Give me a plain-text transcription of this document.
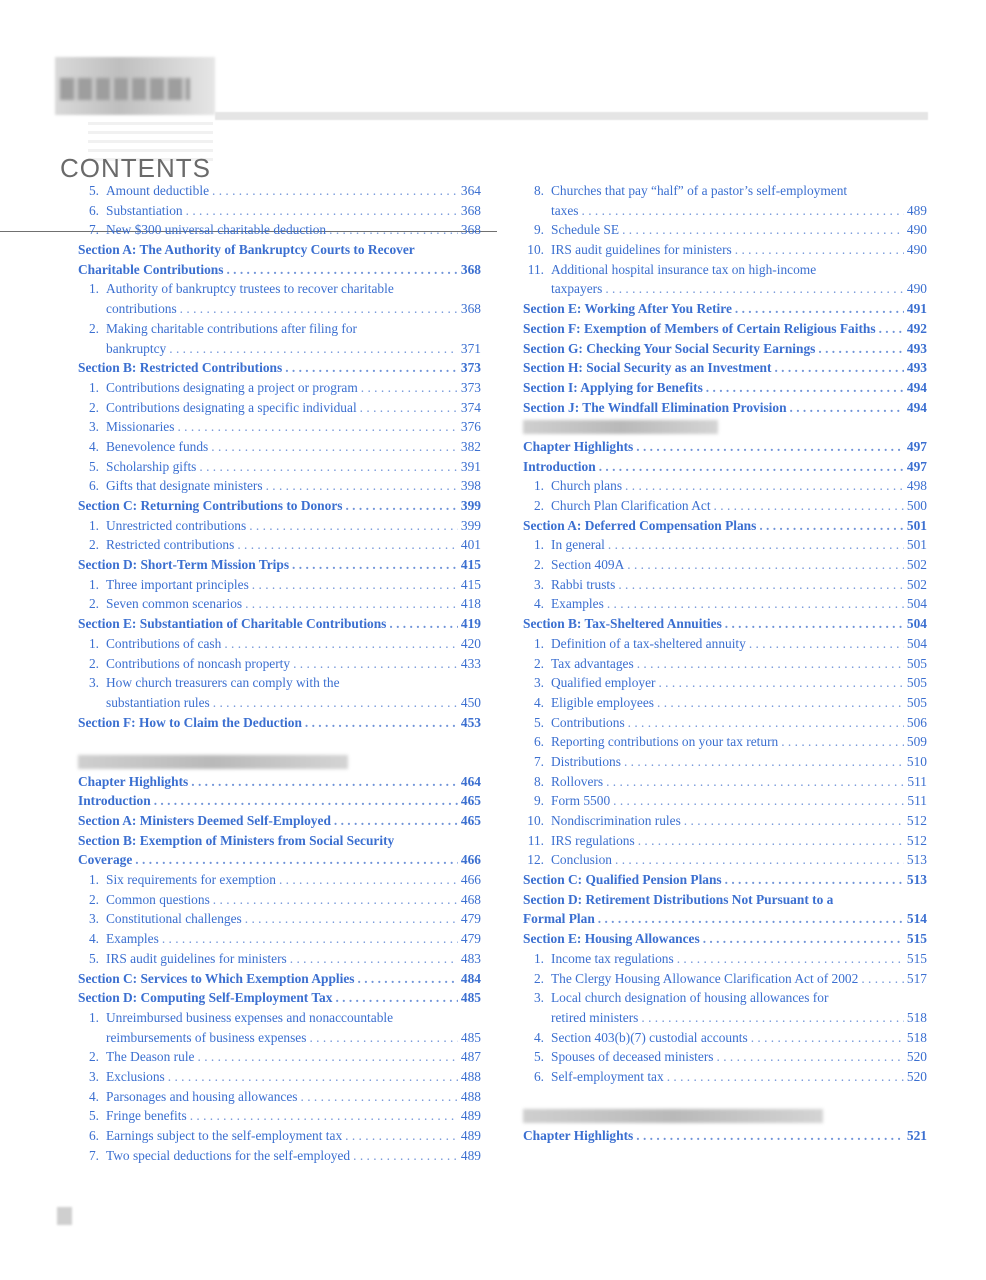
CONTENTS
5. Amount deductible . . .	364
6. Substantiation . . .	368
7. New $300 universal charitable deduction . . .	368
Section A: The Authority of Bankruptcy Courts to Recover
Charitable Contributions . . .	368
1. Authority of bankruptcy trustees to recover charitable
contributions . . .	368
2. Making charitable contributions after filing for
bankruptcy . . .	371
Section B: Restricted Contributions . . .	373
1. Contributions designating a project or program . . .	373
2. Contributions designating a specific individual . . .	374
3. Missionaries . . .	376
4. Benevolence funds . . .	382
5. Scholarship gifts . . .	391
6. Gifts that designate ministers . . .	398
Section C: Returning Contributions to Donors . . .	399
1. Unrestricted contributions . . .	399
2. Restricted contributions . . .	401
Section D: Short-Term Mission Trips . . .	415
1. Three important principles . . .	415
2. Seven common scenarios . . .	418
Section E: Substantiation of Charitable Contributions . . .	419
1. Contributions of cash . . .	420
2. Contributions of noncash property . . .	433
3. How church treasurers can comply with the
substantiation rules . . .	450
Section F: How to Claim the Deduction . . .	453
Chapter Highlights . . .	464
Introduction . . .	465
Section A: Ministers Deemed Self-Employed . . .	465
Section B: Exemption of Ministers from Social Security
Coverage . . .	466
1. Six requirements for exemption . . .	466
2. Common questions . . .	468
3. Constitutional challenges . . .	479
4. Examples . . .	479
5. IRS audit guidelines for ministers . . .	483
Section C: Services to Which Exemption Applies . . .	484
Section D: Computing Self-Employment Tax . . .	485
1. Unreimbursed business expenses and nonaccountable
reimbursements of business expenses . . .	485
2. The Deason rule . . .	487
3. Exclusions . . .	488
4. Parsonages and housing allowances . . .	488
5. Fringe benefits . . .	489
6. Earnings subject to the self-employment tax . . .	489
7. Two special deductions for the self-employed . . .	489
8. Churches that pay “half” of a pastor’s self-employment
taxes . . .	489
9. Schedule SE . . .	490
10. IRS audit guidelines for ministers . . .	490
11. Additional hospital insurance tax on high-income
taxpayers . . .	490
Section E: Working After You Retire . . .	491
Section F: Exemption of Members of Certain Religious Faiths . . . 492
Section G: Checking Your Social Security Earnings . . .	493
Section H: Social Security as an Investment . . .	493
Section I: Applying for Benefits . . .	494
Section J: The Windfall Elimination Provision . . .	494
Chapter Highlights . . .	497
Introduction . . .	497
1. Church plans . . .	498
2. Church Plan Clarification Act . . .	500
Section A: Deferred Compensation Plans . . .	501
1. In general . . .	501
2. Section 409A . . .	502
3. Rabbi trusts . . .	502
4. Examples . . .	504
Section B: Tax-Sheltered Annuities . . .	504
1. Definition of a tax-sheltered annuity . . .	504
2. Tax advantages . . .	505
3. Qualified employer . . .	505
4. Eligible employees . . .	505
5. Contributions . . .	506
6. Reporting contributions on your tax return . . .	509
7. Distributions . . .	510
8. Rollovers . . .	511
9. Form 5500 . . .	511
10. Nondiscrimination rules . . .	512
11. IRS regulations . . .	512
12. Conclusion . . .	513
Section C: Qualified Pension Plans . . .	513
Section D: Retirement Distributions Not Pursuant to a
Formal Plan . . .	514
Section E: Housing Allowances . . .	515
1. Income tax regulations . . .	515
2. The Clergy Housing Allowance Clarification Act of 2002 . . .	517
3. Local church designation of housing allowances for
retired ministers . . .	518
4. Section 403(b)(7) custodial accounts . . .	518
5. Spouses of deceased ministers . . .	520
6. Self-employment tax . . .	520
Chapter Highlights . . .	521
